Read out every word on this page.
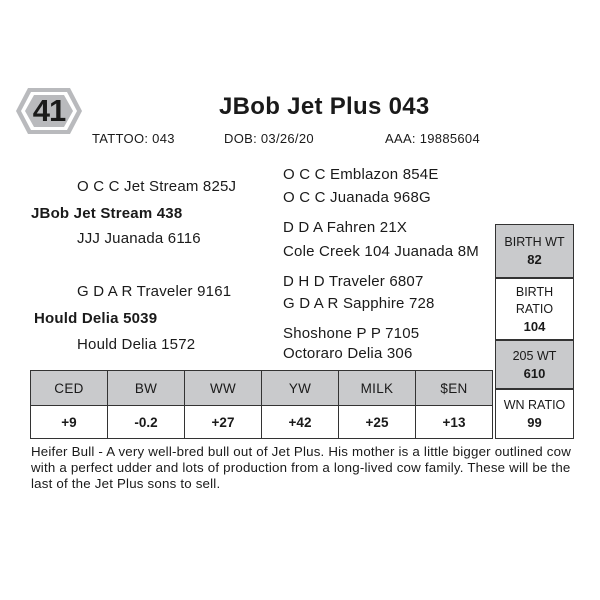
41	JBob Jet Plus 043
TATTOO: 043	DOB: 03/26/20	AAA: 19885604
O C C Emblazon 854E
O C C Jet Stream 825J
O C C Juanada 968G
JBob Jet Stream 438
D D A Fahren 21X
JJJ Juanada 6116
Cole Creek 104 Juanada 8M
D H D Traveler 6807
G D A R Traveler 9161
G D A R Sapphire 728
Hould Delia 5039
Shoshone P P 7105
Hould Delia 1572
Octoraro Delia 306
BIRTH WT
82
BIRTH RATIO
104
205 WT
610
WN RATIO
99
CED	BW	WW	YW	MILK	$EN
+9	-0.2	+27	+42	+25	+13
Heifer Bull - A very well-bred bull out of Jet Plus. His mother is a little bigger outlined cow with a perfect udder and lots of production from a long-lived cow family. These will be the last of the Jet Plus sons to sell.
